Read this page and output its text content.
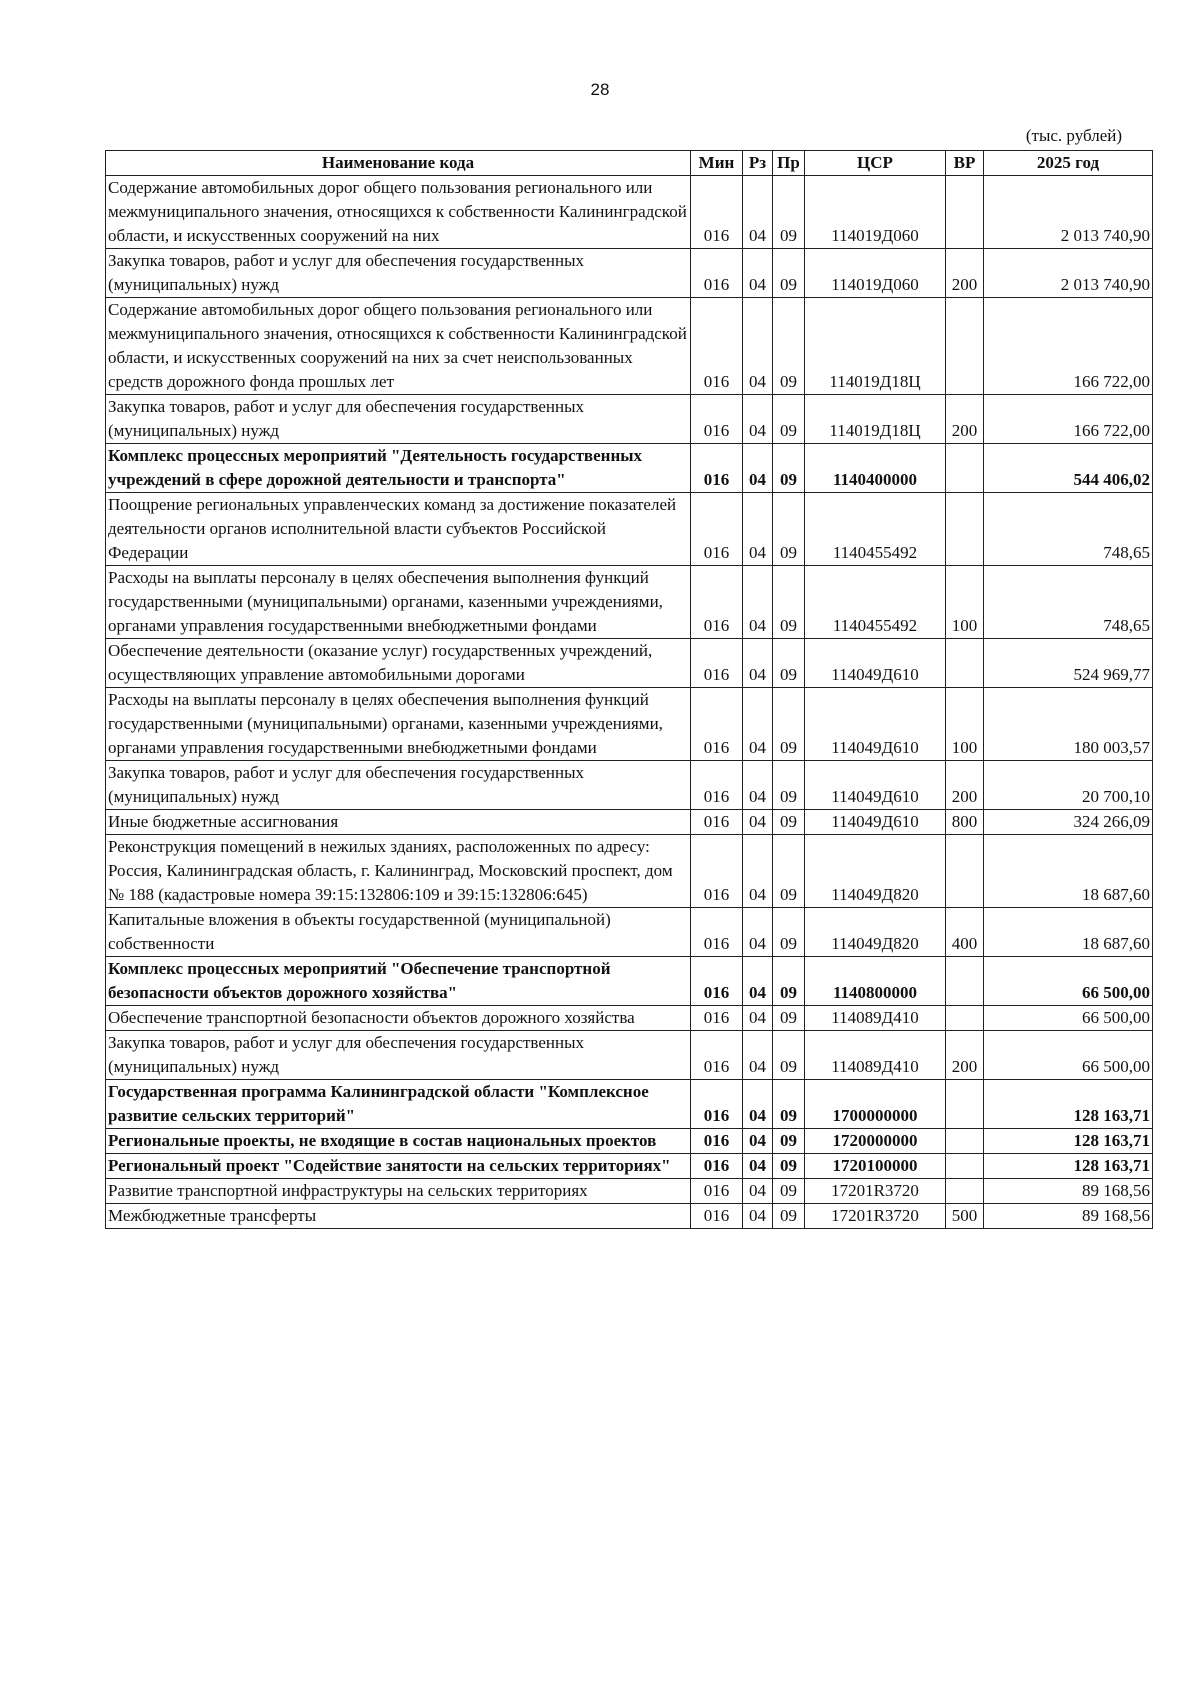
28
(тыс. рублей)
Наименование кода	Мин	Рз	Пр	ЦСР	ВР	2025 год
Содержание автомобильных дорог общего пользования регионального или межмуниципального значения, относящихся к собственности Калининградской области, и искусственных сооружений на них	016	04	09	114019Д060		2 013 740,90
Закупка товаров, работ и услуг для обеспечения государственных (муниципальных) нужд	016	04	09	114019Д060	200	2 013 740,90
Содержание автомобильных дорог общего пользования регионального или межмуниципального значения, относящихся к собственности Калининградской области, и искусственных сооружений на них за счет неиспользованных средств дорожного фонда прошлых лет	016	04	09	114019Д18Ц		166 722,00
Закупка товаров, работ и услуг для обеспечения государственных (муниципальных) нужд	016	04	09	114019Д18Ц	200	166 722,00
Комплекс процессных мероприятий "Деятельность государственных учреждений в сфере дорожной деятельности и транспорта"	016	04	09	1140400000		544 406,02
Поощрение региональных управленческих команд за достижение показателей деятельности органов исполнительной власти субъектов Российской Федерации	016	04	09	1140455492		748,65
Расходы на выплаты персоналу в целях обеспечения выполнения функций государственными (муниципальными) органами, казенными учреждениями, органами управления государственными внебюджетными фондами	016	04	09	1140455492	100	748,65
Обеспечение деятельности (оказание услуг) государственных учреждений, осуществляющих управление автомобильными дорогами	016	04	09	114049Д610		524 969,77
Расходы на выплаты персоналу в целях обеспечения выполнения функций государственными (муниципальными) органами, казенными учреждениями, органами управления государственными внебюджетными фондами	016	04	09	114049Д610	100	180 003,57
Закупка товаров, работ и услуг для обеспечения государственных (муниципальных) нужд	016	04	09	114049Д610	200	20 700,10
Иные бюджетные ассигнования	016	04	09	114049Д610	800	324 266,09
Реконструкция помещений в нежилых зданиях, расположенных по адресу: Россия, Калининградская область, г. Калининград, Московский проспект, дом № 188 (кадастровые номера 39:15:132806:109 и 39:15:132806:645)	016	04	09	114049Д820		18 687,60
Капитальные вложения в объекты государственной (муниципальной) собственности	016	04	09	114049Д820	400	18 687,60
Комплекс процессных мероприятий "Обеспечение транспортной безопасности объектов дорожного хозяйства"	016	04	09	1140800000		66 500,00
Обеспечение транспортной безопасности объектов дорожного хозяйства	016	04	09	114089Д410		66 500,00
Закупка товаров, работ и услуг для обеспечения государственных (муниципальных) нужд	016	04	09	114089Д410	200	66 500,00
Государственная программа Калининградской области "Комплексное развитие сельских территорий"	016	04	09	1700000000		128 163,71
Региональные проекты, не входящие в состав национальных проектов	016	04	09	1720000000		128 163,71
Региональный проект "Содействие занятости на сельских территориях"	016	04	09	1720100000		128 163,71
Развитие транспортной инфраструктуры на сельских территориях	016	04	09	17201R3720		89 168,56
Межбюджетные трансферты	016	04	09	17201R3720	500	89 168,56
